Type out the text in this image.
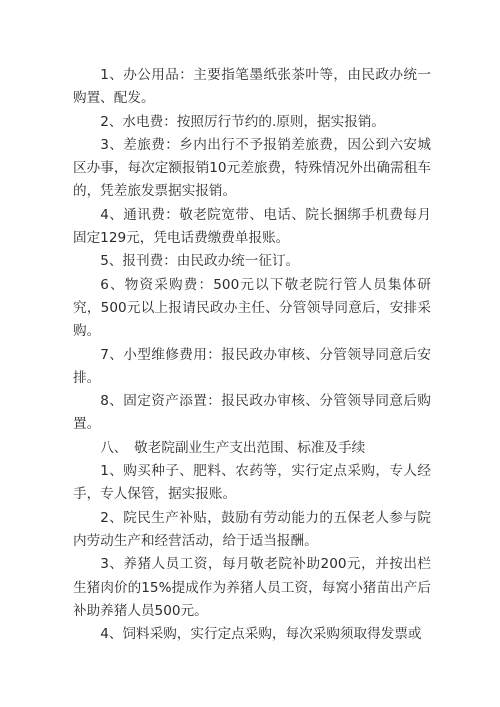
1、办公用品：主要指笔墨纸张茶叶等，由民政办统一购置、配发。

2、水电费：按照厉行节约的.原则，据实报销。

3、差旅费：乡内出行不予报销差旅费，因公到六安城区办事，每次定额报销10元差旅费，特殊情况外出确需租车的，凭差旅发票据实报销。

4、通讯费：敬老院宽带、电话、院长捆绑手机费每月固定129元，凭电话费缴费单报账。

5、报刊费：由民政办统一征订。

6、物资采购费：500元以下敬老院行管人员集体研究，500元以上报请民政办主任、分管领导同意后，安排采购。

7、小型维修费用：报民政办审核、分管领导同意后安排。

8、固定资产添置：报民政办审核、分管领导同意后购置。

八、　敬老院副业生产支出范围、标准及手续

1、购买种子、肥料、农药等，实行定点采购，专人经手，专人保管，据实报账。

2、院民生产补贴，鼓励有劳动能力的五保老人参与院内劳动生产和经营活动，给于适当报酬。

3、养猪人员工资，每月敬老院补助200元，并按出栏生猪肉价的15%提成作为养猪人员工资，每窝小猪苗出产后补助养猪人员500元。

4、饲料采购，实行定点采购，每次采购须取得发票或
